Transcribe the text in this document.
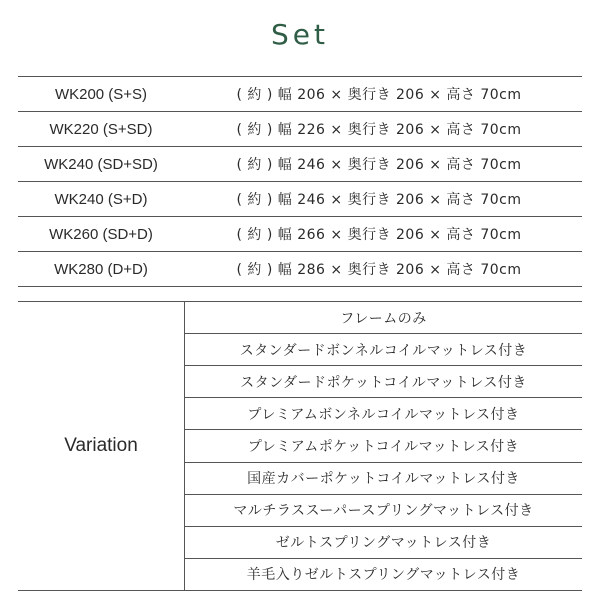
Set
WK200 (S+S)	( 約 ) 幅 206 × 奥行き 206 × 高さ 70cm
WK220 (S+SD)	( 約 ) 幅 226 × 奥行き 206 × 高さ 70cm
WK240 (SD+SD)	( 約 ) 幅 246 × 奥行き 206 × 高さ 70cm
WK240 (S+D)	( 約 ) 幅 246 × 奥行き 206 × 高さ 70cm
WK260 (SD+D)	( 約 ) 幅 266 × 奥行き 206 × 高さ 70cm
WK280 (D+D)	( 約 ) 幅 286 × 奥行き 206 × 高さ 70cm
Variation
フレームのみ
スタンダードボンネルコイルマットレス付き
スタンダードポケットコイルマットレス付き
プレミアムボンネルコイルマットレス付き
プレミアムポケットコイルマットレス付き
国産カバーポケットコイルマットレス付き
マルチラススーパースプリングマットレス付き
ゼルトスプリングマットレス付き
羊毛入りゼルトスプリングマットレス付き
